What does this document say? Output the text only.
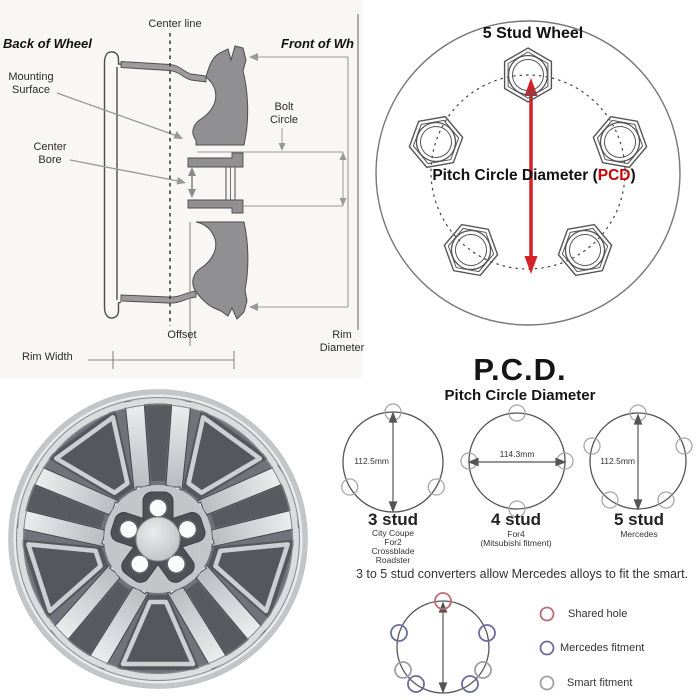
Center line
Back of Wheel	Front of Wh
Mounting
Surface
Bolt
Circle
Center
Bore
Offset
Rim Width
Rim
Diameter
5 Stud Wheel
Pitch Circle Diameter (PCD)
P.C.D.
Pitch Circle Diameter
112.5mm
114.3mm
112.5mm
3 stud	4 stud	5 stud
City Coupe
For2
Crossblade
Roadster
For4
(Mitsubishi fitment)
Mercedes
3 to 5 stud converters allow Mercedes alloys to fit the smart.
Shared hole
Mercedes fitment
Smart fitment
